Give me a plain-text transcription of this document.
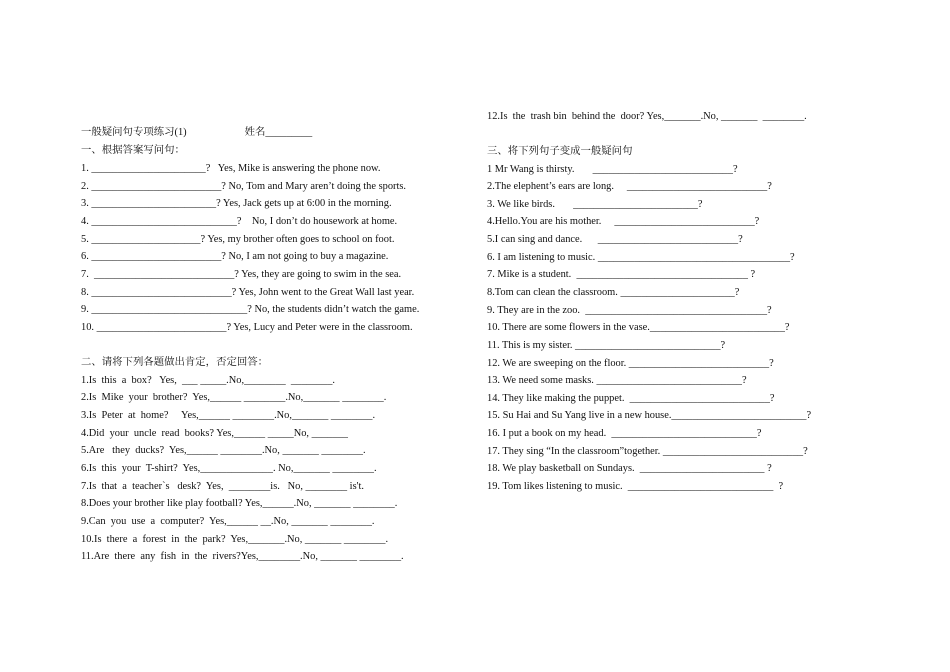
一般疑问句专项练习(1)	姓名_________
一、根据答案写问句：
1. ______________________?   Yes, Mike is answering the phone now.
2. _________________________? No, Tom and Mary aren’t doing the sports.
3. ________________________? Yes, Jack gets up at 6:00 in the morning.
4. ____________________________?    No, I don’t do housework at home.
5. _____________________? Yes, my brother often goes to school on foot.
6. _________________________? No, I am not going to buy a magazine.
7.  ___________________________? Yes, they are going to swim in the sea.
8. ___________________________? Yes, John went to the Great Wall last year.
9. ______________________________? No, the students didn’t watch the game.
10. _________________________? Yes, Lucy and Peter were in the classroom.
二、请将下列各题做出肯定，否定回答：
1.Is  this  a  box?   Yes,  ___ _____.No,________  ________.
2.Is  Mike  your  brother?  Yes,______ ________.No,_______ ________.
3.Is  Peter  at  home?     Yes,______ ________.No,_______ ________.
4.Did  your  uncle  read  books? Yes,______ _____No, _______
5.Are   they  ducks?  Yes,______ ________.No, _______ ________.
6.Is  this  your  T-shirt?  Yes,______________. No,_______ ________.
7.Is  that  a  teacher`s   desk?  Yes,  ________is.   No, ________ is't.
8.Does your brother like play football? Yes,______.No, _______ ________.
9.Can  you  use  a  computer?  Yes,______ __.No, _______ ________.
10.Is  there  a  forest  in  the  park?  Yes,_______.No, _______ ________.
11.Are  there  any  fish  in  the  rivers?Yes,________.No, _______ ________.
12.Is  the  trash bin  behind the  door? Yes,_______.No, _______  ________.
三、将下列句子变成一般疑问句
1 Mr Wang is thirsty.       ___________________________?
2.The elephent’s ears are long.     ___________________________?
3. We like birds.       ________________________?
4.Hello.You are his mother.     ___________________________?
5.I can sing and dance.      ___________________________?
6. I am listening to music. _____________________________________?
7. Mike is a student.  _________________________________ ?
8.Tom can clean the classroom. ______________________?
9. They are in the zoo.  ___________________________________?
10. There are some flowers in the vase.__________________________?
11. This is my sister. ____________________________?
12. We are sweeping on the floor. ___________________________?
13. We need some masks. ____________________________?
14. They like making the puppet.  ___________________________?
15. Su Hai and Su Yang live in a new house.__________________________?
16. I put a book on my head.  ____________________________?
17. They sing “In the classroom”together. ___________________________?
18. We play basketball on Sundays.  ________________________ ?
19. Tom likes listening to music.  ____________________________  ?
